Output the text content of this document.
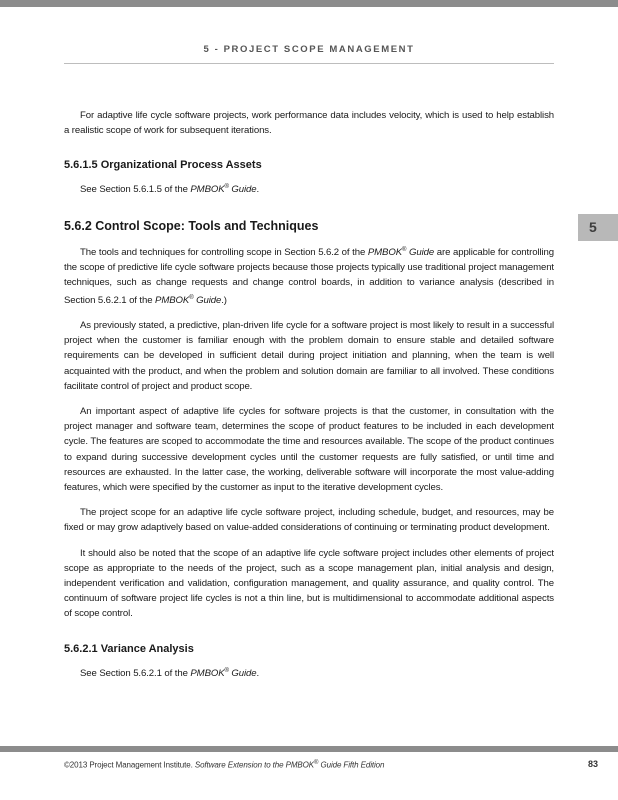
5 - PROJECT SCOPE MANAGEMENT
5

For adaptive life cycle software projects, work performance data includes velocity, which is used to help establish a realistic scope of work for subsequent iterations.

5.6.1.5 Organizational Process Assets

See Section 5.6.1.5 of the PMBOK® Guide.

5.6.2 Control Scope: Tools and Techniques

The tools and techniques for controlling scope in Section 5.6.2 of the PMBOK® Guide are applicable for controlling the scope of predictive life cycle software projects because those projects typically use traditional project management techniques, such as change requests and change control boards, in addition to variance analysis (described in Section 5.6.2.1 of the PMBOK® Guide.)

As previously stated, a predictive, plan-driven life cycle for a software project is most likely to result in a successful project when the customer is familiar enough with the problem domain to ensure stable and detailed software requirements can be developed in sufficient detail during project initiation and planning, when the team is well acquainted with the product, and when the problem and solution domain are familiar to all involved. These conditions facilitate control of project and product scope.

An important aspect of adaptive life cycles for software projects is that the customer, in consultation with the project manager and software team, determines the scope of product features to be included in each development cycle. The features are scoped to accommodate the time and resources available. The scope of the product continues to expand during successive development cycles until the customer requests are fully satisfied, or until time and resources are exhausted. In the latter case, the working, deliverable software will incorporate the most value-adding features, which were specified by the customer as input to the iterative development cycles.

The project scope for an adaptive life cycle software project, including schedule, budget, and resources, may be fixed or may grow adaptively based on value-added considerations of continuing or terminating product development.

It should also be noted that the scope of an adaptive life cycle software project includes other elements of project scope as appropriate to the needs of the project, such as a scope management plan, initial analysis and design, independent verification and validation, configuration management, and quality assurance, and quality control. The continuum of software project life cycles is not a thin line, but is multidimensional to accommodate additional aspects of scope control.

5.6.2.1 Variance Analysis

See Section 5.6.2.1 of the PMBOK® Guide.

©2013 Project Management Institute. Software Extension to the PMBOK® Guide Fifth Edition	83
